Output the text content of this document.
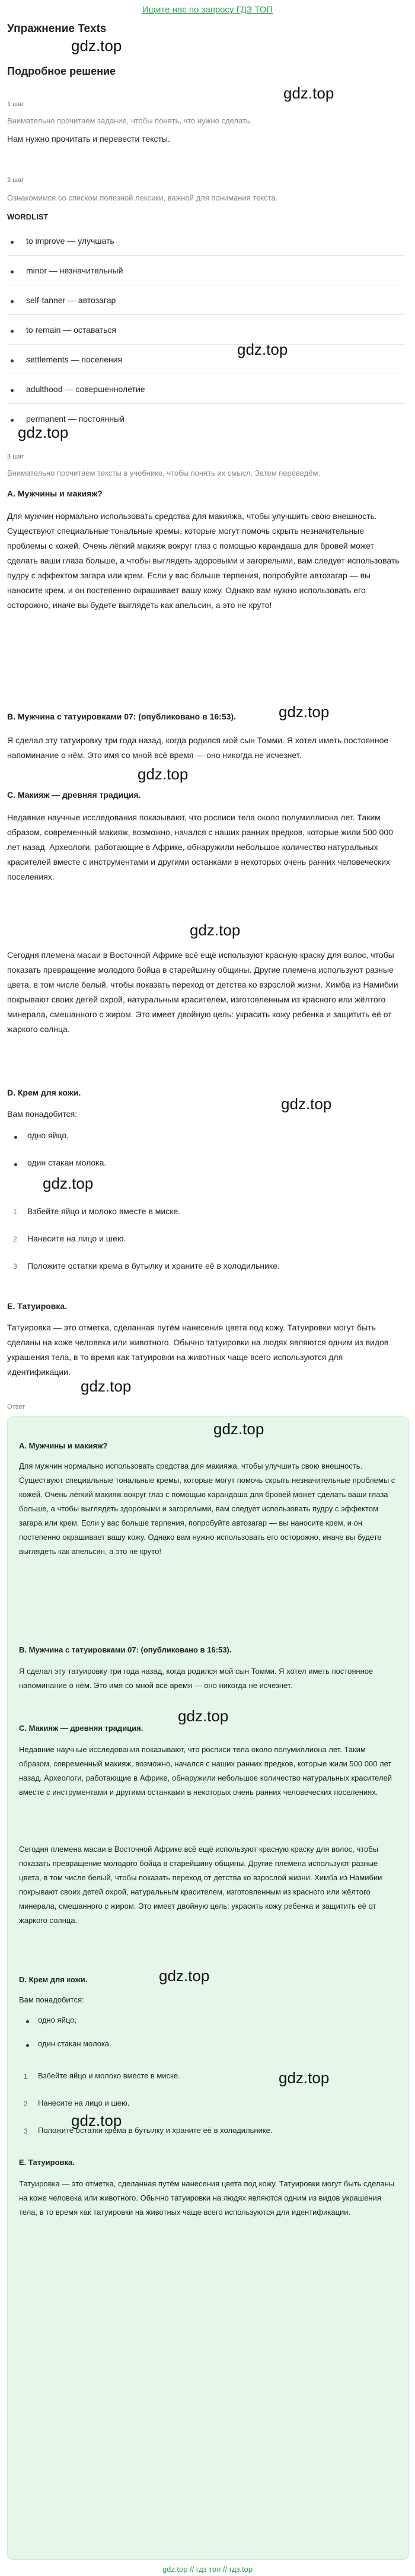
Ищите нас по запросу ГДЗ ТОП
Упражнение Texts
gdz.top
Подробное решение
gdz.top
1 шаг
Внимательно прочитаем задание, чтобы понять, что нужно сделать.
Нам нужно прочитать и перевести тексты.
2 шаг
Ознакомимся со списком полезной лексики, важной для понимания текста.
WORDLIST
to improve — улучшать
minor — незначительный
self-tanner — автозагар
to remain — оставаться
settlements — поселения
adulthood — совершеннолетие
permanent — постоянный
gdz.top
gdz.top
3 шаг
Внимательно прочитаем тексты в учебнике, чтобы понять их смысл. Затем переведём.
A. Мужчины и макияж?
Для мужчин нормально использовать средства для макияжа, чтобы улучшить свою внешность. Существуют специальные тональные кремы, которые могут помочь скрыть незначительные проблемы с кожей. Очень лёгкий макияж вокруг глаз с помощью карандаша для бровей может сделать ваши глаза больше, а чтобы выглядеть здоровыми и загорелыми, вам следует использовать пудру с эффектом загара или крем. Если у вас больше терпения, попробуйте автозагар — вы наносите крем, и он постепенно окрашивает вашу кожу. Однако вам нужно использовать его осторожно, иначе вы будете выглядеть как апельсин, а это не круто!
gdz.top
B. Мужчина с татуировками 07: (опубликовано в 16:53).
Я сделал эту татуировку три года назад, когда родился мой сын Томми. Я хотел иметь постоянное напоминание о нём. Это имя со мной всё время — оно никогда не исчезнет.
gdz.top
C. Макияж — древняя традиция.
Недавние научные исследования показывают, что росписи тела около полумиллиона лет. Таким образом, современный макияж, возможно, начался с наших ранних предков, которые жили 500 000 лет назад. Археологи, работающие в Африке, обнаружили небольшое количество натуральных красителей вместе с инструментами и другими останками в некоторых очень ранних человеческих поселениях.
gdz.top
Сегодня племена масаи в Восточной Африке всё ещё используют красную краску для волос, чтобы показать превращение молодого бойца в старейшину общины. Другие племена используют разные цвета, в том числе белый, чтобы показать переход от детства ко взрослой жизни. Химба из Намибии покрывают своих детей охрой, натуральным красителем, изготовленным из красного или жёлтого минерала, смешанного с жиром. Это имеет двойную цель: украсить кожу ребенка и защитить её от жаркого солнца.
D. Крем для кожи.
gdz.top
Вам понадобится:
одно яйцо,
один стакан молока.
gdz.top
1 Взбейте яйцо и молоко вместе в миске.
2 Нанесите на лицо и шею.
3 Положите остатки крема в бутылку и храните её в холодильнике.
E. Татуировка.
Татуировка — это отметка, сделанная путём нанесения цвета под кожу. Татуировки могут быть сделаны на коже человека или животного. Обычно татуировки на людях являются одним из видов украшения тела, в то время как татуировки на животных чаще всего используются для идентификации.
gdz.top
Ответ
gdz.top
A. Мужчины и макияж?
Для мужчин нормально использовать средства для макияжа, чтобы улучшить свою внешность. Существуют специальные тональные кремы, которые могут помочь скрыть незначительные проблемы с кожей. Очень лёгкий макияж вокруг глаз с помощью карандаша для бровей может сделать ваши глаза больше, а чтобы выглядеть здоровыми и загорелыми, вам следует использовать пудру с эффектом загара или крем. Если у вас больше терпения, попробуйте автозагар — вы наносите крем, и он постепенно окрашивает вашу кожу. Однако вам нужно использовать его осторожно, иначе вы будете выглядеть как апельсин, а это не круто!
B. Мужчина с татуировками 07: (опубликовано в 16:53).
Я сделал эту татуировку три года назад, когда родился мой сын Томми. Я хотел иметь постоянное напоминание о нём. Это имя со мной всё время — оно никогда не исчезнет.
gdz.top
C. Макияж — древняя традиция.
Недавние научные исследования показывают, что росписи тела около полумиллиона лет. Таким образом, современный макияж, возможно, начался с наших ранних предков, которые жили 500 000 лет назад. Археологи, работающие в Африке, обнаружили небольшое количество натуральных красителей вместе с инструментами и другими останками в некоторых очень ранних человеческих поселениях.
Сегодня племена масаи в Восточной Африке всё ещё используют красную краску для волос, чтобы показать превращение молодого бойца в старейшину общины. Другие племена используют разные цвета, в том числе белый, чтобы показать переход от детства ко взрослой жизни. Химба из Намибии покрывают своих детей охрой, натуральным красителем, изготовленным из красного или жёлтого минерала, смешанного с жиром. Это имеет двойную цель: украсить кожу ребенка и защитить её от жаркого солнца.
gdz.top
D. Крем для кожи.
Вам понадобится:
одно яйцо,
один стакан молока.
1 Взбейте яйцо и молоко вместе в миске.	gdz.top
2 Нанесите на лицо и шею.
3 Положите остатки крема в бутылку и храните её в холодильнике.
gdz.top
E. Татуировка.
Татуировка — это отметка, сделанная путём нанесения цвета под кожу. Татуировки могут быть сделаны на коже человека или животного. Обычно татуировки на людях являются одним из видов украшения тела, в то время как татуировки на животных чаще всего используются для идентификации.
gdz.top // гдз топ // гдз.top
